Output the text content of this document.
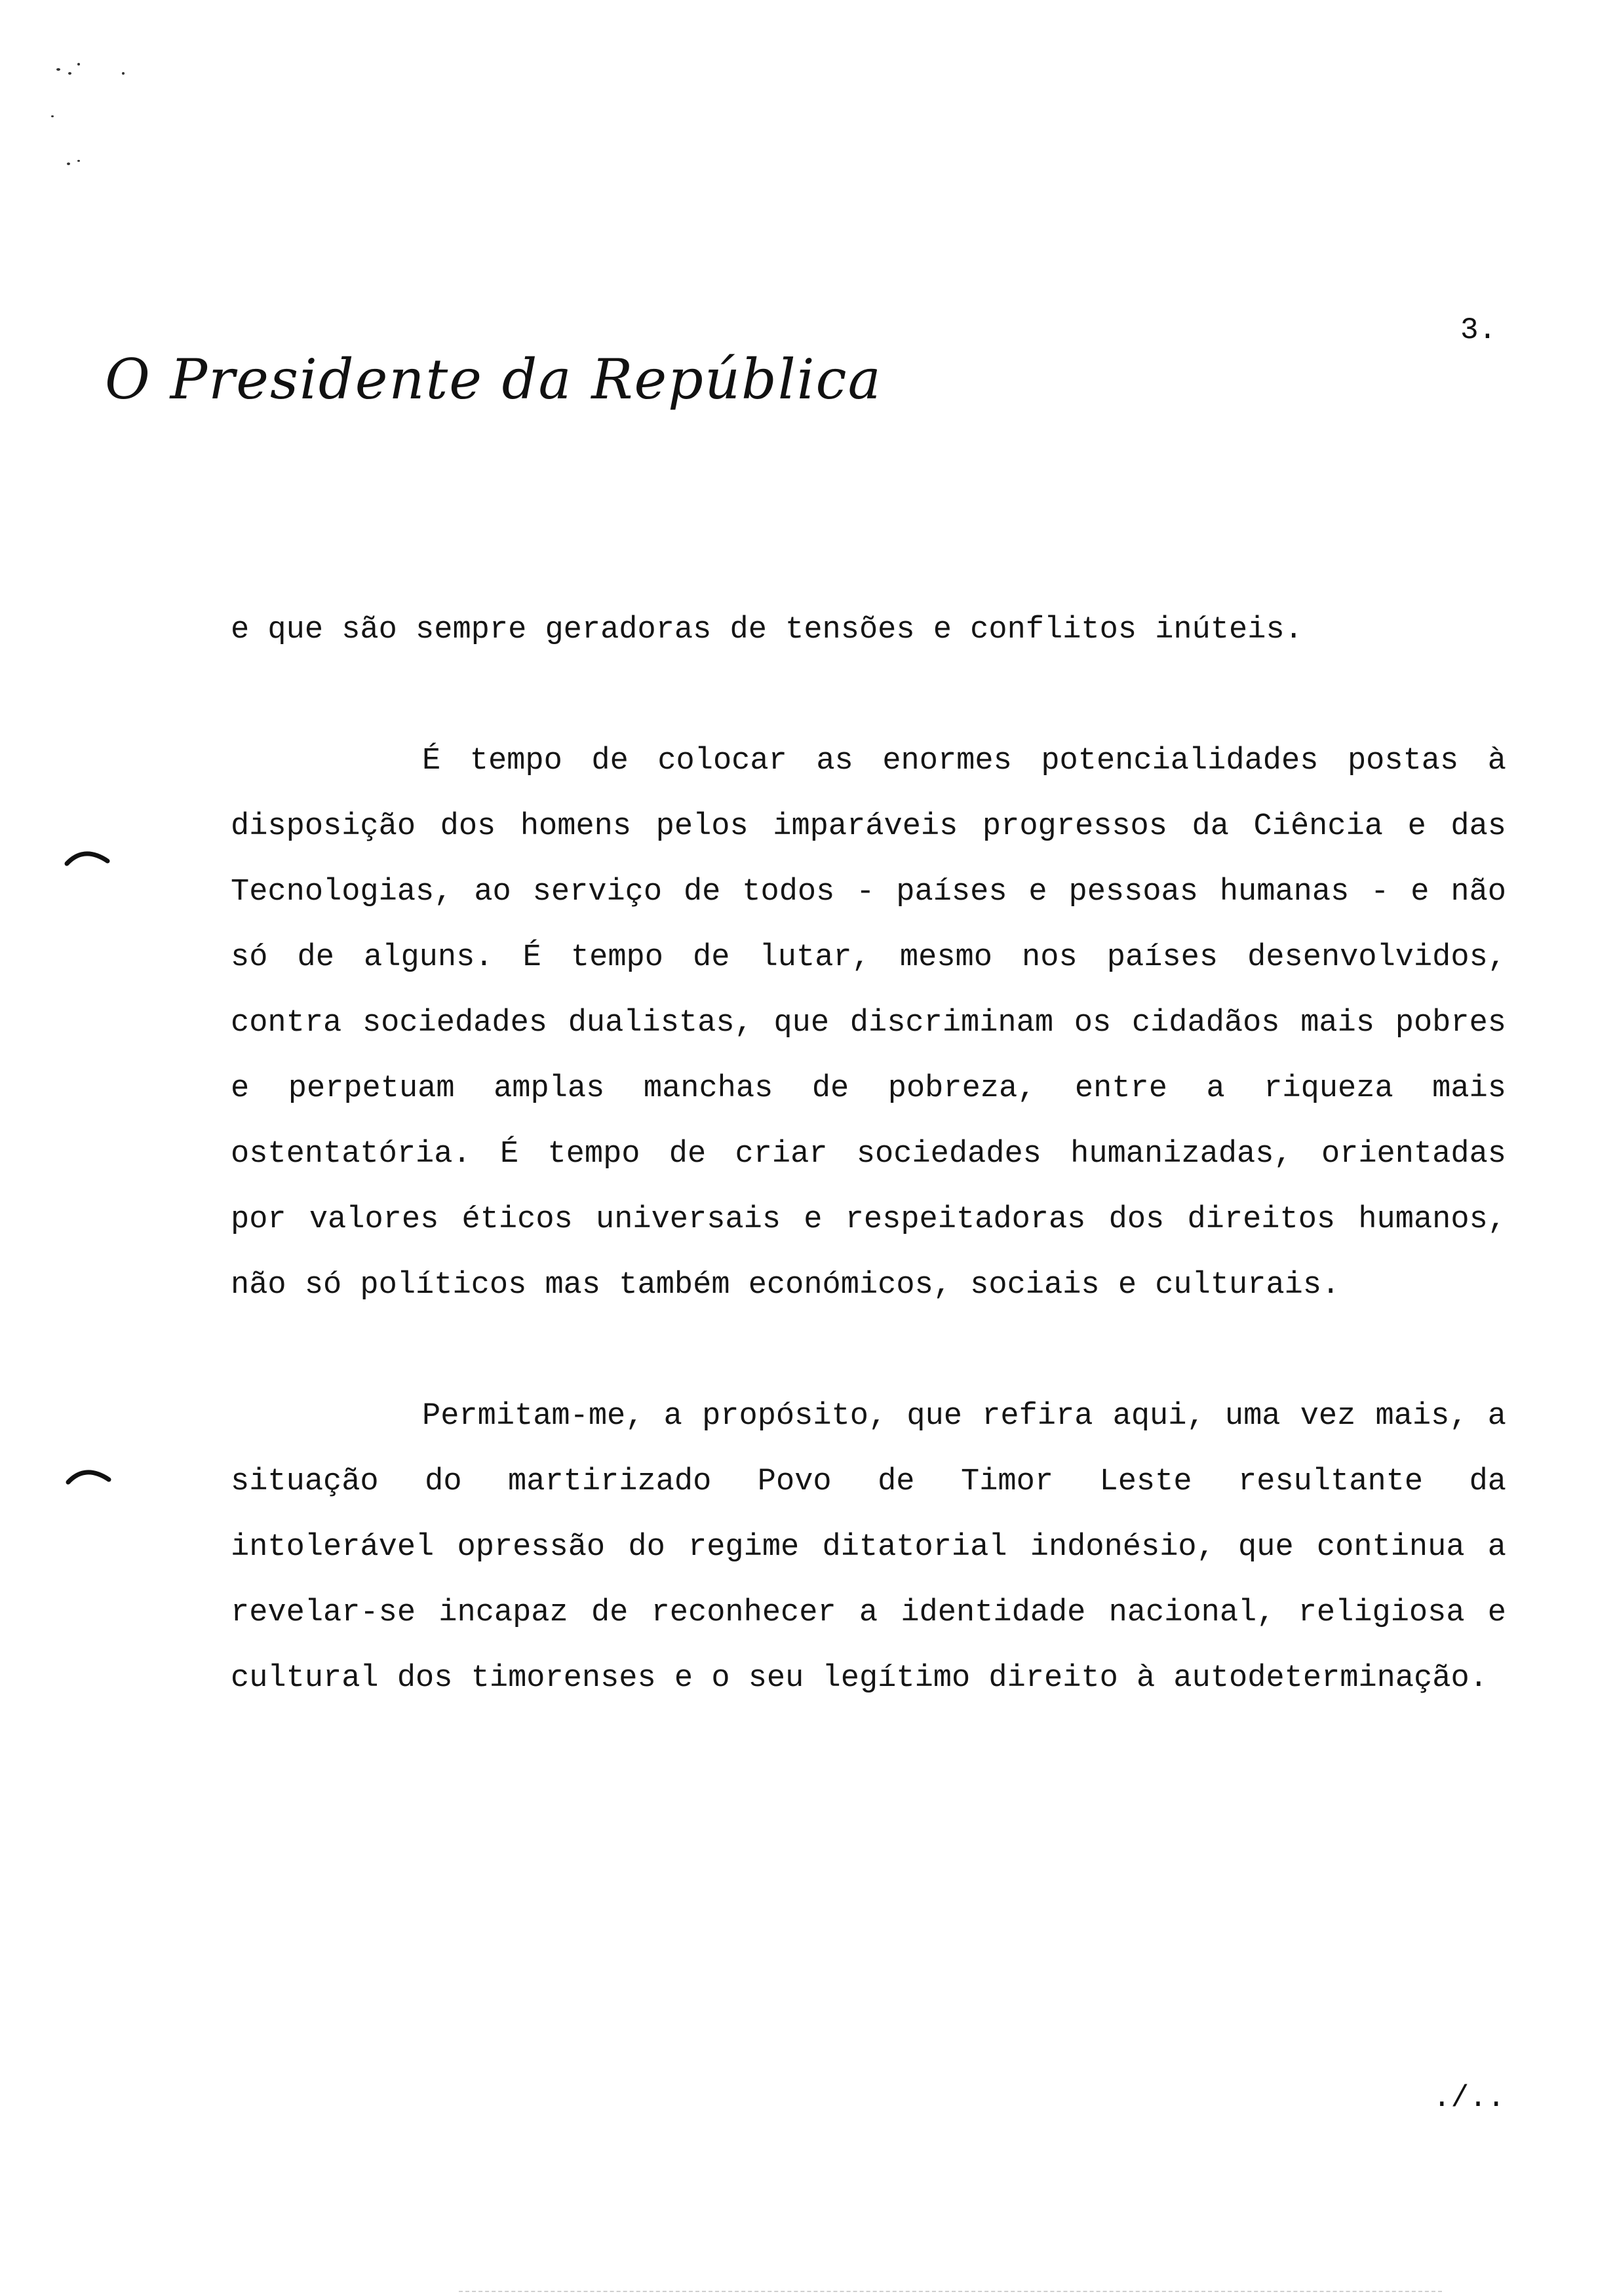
O Presidente da República
3.

e que são sempre geradoras de tensões e conflitos inúteis.

É tempo de colocar as enormes potencialidades postas à disposição dos homens pelos imparáveis progressos da Ciência e das Tecnologias, ao serviço de todos - países e pessoas humanas - e não só de alguns. É tempo de lutar, mesmo nos países desenvolvidos, contra sociedades dualistas, que discriminam os cidadãos mais pobres e perpetuam amplas manchas de pobreza, entre a riqueza mais ostentatória. É tempo de criar sociedades humanizadas, orientadas por valores éticos universais e respeitadoras dos direitos humanos, não só políticos mas também económicos, sociais e culturais.

Permitam-me, a propósito, que refira aqui, uma vez mais, a situação do martirizado Povo de Timor Leste resultante da intolerável opressão do regime ditatorial indonésio, que continua a revelar-se incapaz de reconhecer a identidade nacional, religiosa e cultural dos timorenses e o seu legítimo direito à autodeterminação.

./..
